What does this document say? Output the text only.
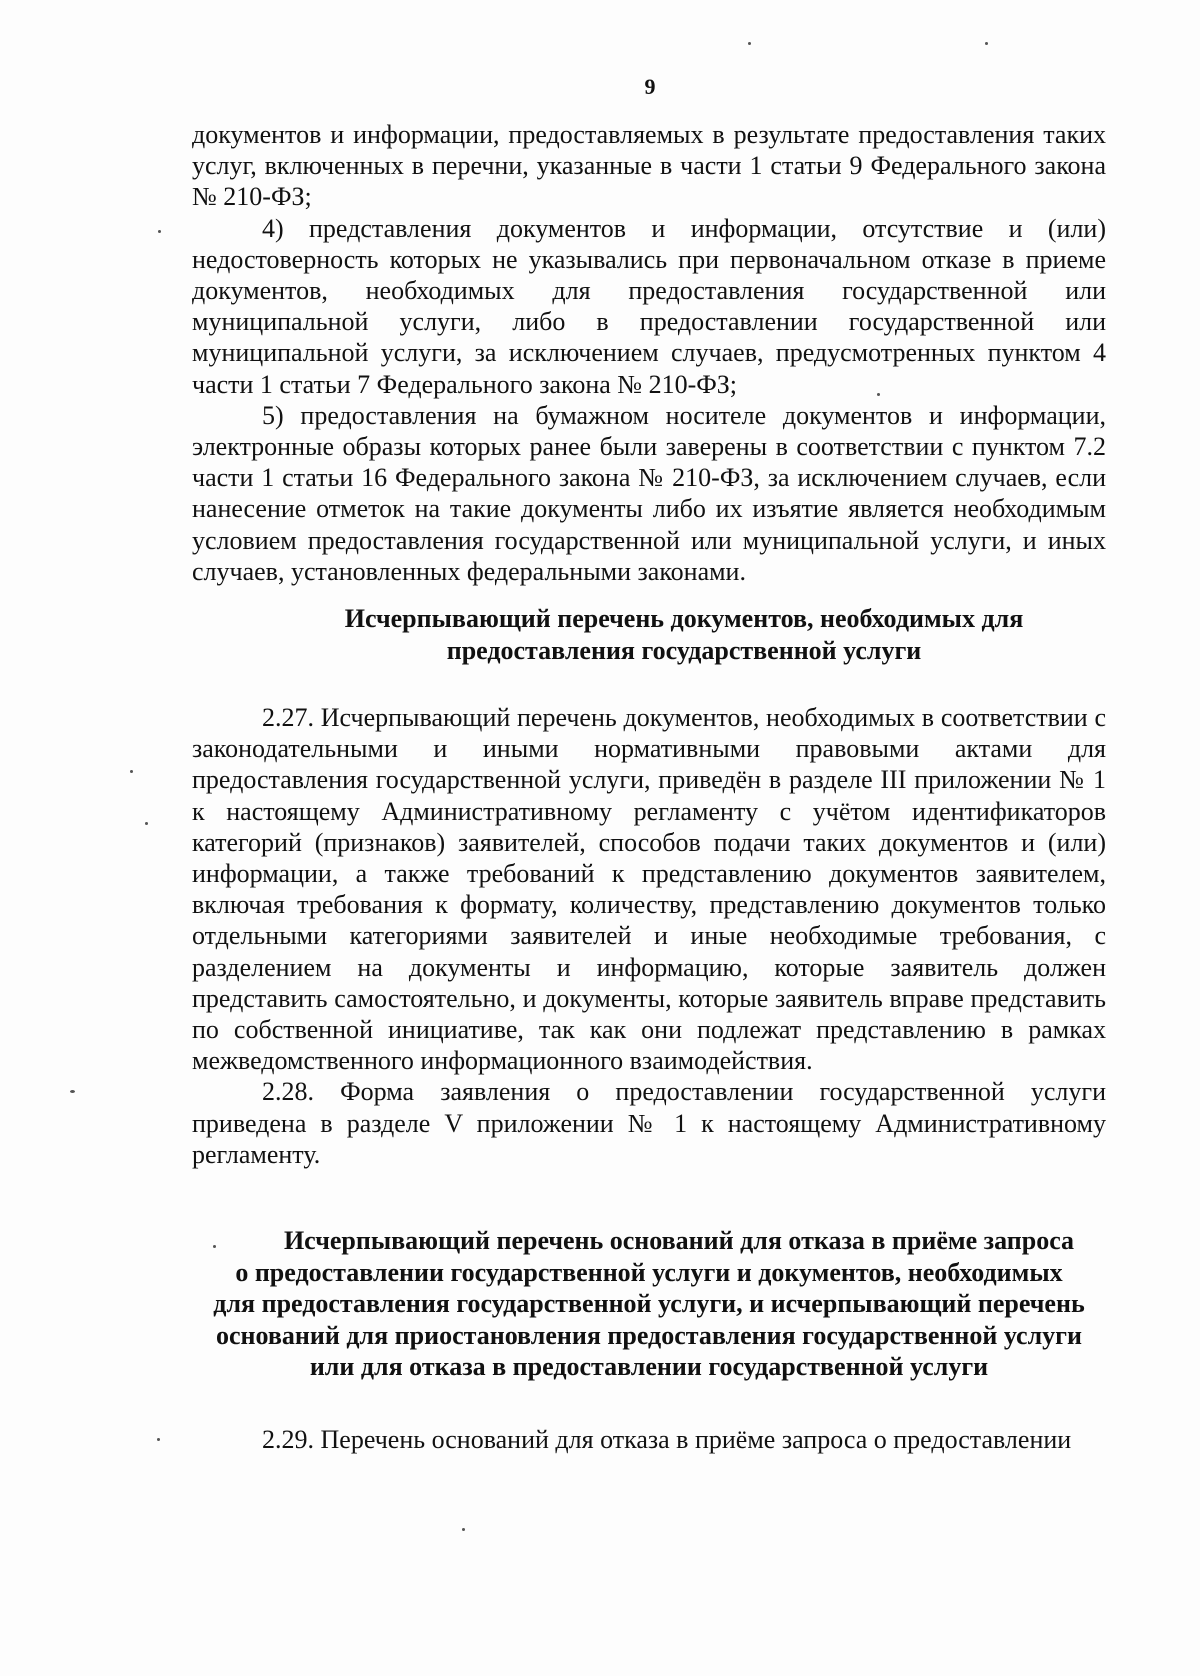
9

документов и информации, предоставляемых в результате предоставления таких услуг, включенных в перечни, указанные в части 1 статьи 9 Федерального закона № 210-ФЗ;

4) представления документов и информации, отсутствие и (или) недостоверность которых не указывались при первоначальном отказе в приеме документов, необходимых для предоставления государственной или муниципальной услуги, либо в предоставлении государственной или муниципальной услуги, за исключением случаев, предусмотренных пунктом 4 части 1 статьи 7 Федерального закона № 210-ФЗ;

5) предоставления на бумажном носителе документов и информации, электронные образы которых ранее были заверены в соответствии с пунктом 7.2 части 1 статьи 16 Федерального закона № 210-ФЗ, за исключением случаев, если нанесение отметок на такие документы либо их изъятие является необходимым условием предоставления государственной или муниципальной услуги, и иных случаев, установленных федеральными законами.

Исчерпывающий перечень документов, необходимых для

предоставления государственной услуги

2.27. Исчерпывающий перечень документов, необходимых в соответствии с законодательными и иными нормативными правовыми актами для предоставления государственной услуги, приведён в разделе III приложении № 1 к настоящему Административному регламенту с учётом идентификаторов категорий (признаков) заявителей, способов подачи таких документов и (или) информации, а также требований к представлению документов заявителем, включая требования к формату, количеству, представлению документов только отдельными категориями заявителей и иные необходимые требования, с разделением на документы и информацию, которые заявитель должен представить самостоятельно, и документы, которые заявитель вправе представить по собственной инициативе, так как они подлежат представлению в рамках межведомственного информационного взаимодействия.

2.28. Форма заявления о предоставлении государственной услуги приведена в разделе V приложении № 1 к настоящему Административному регламенту.

Исчерпывающий перечень оснований для отказа в приёме запроса

о предоставлении государственной услуги и документов, необходимых

для предоставления государственной услуги, и исчерпывающий перечень

оснований для приостановления предоставления государственной услуги

или для отказа в предоставлении государственной услуги

2.29. Перечень оснований для отказа в приёме запроса о предоставлении
